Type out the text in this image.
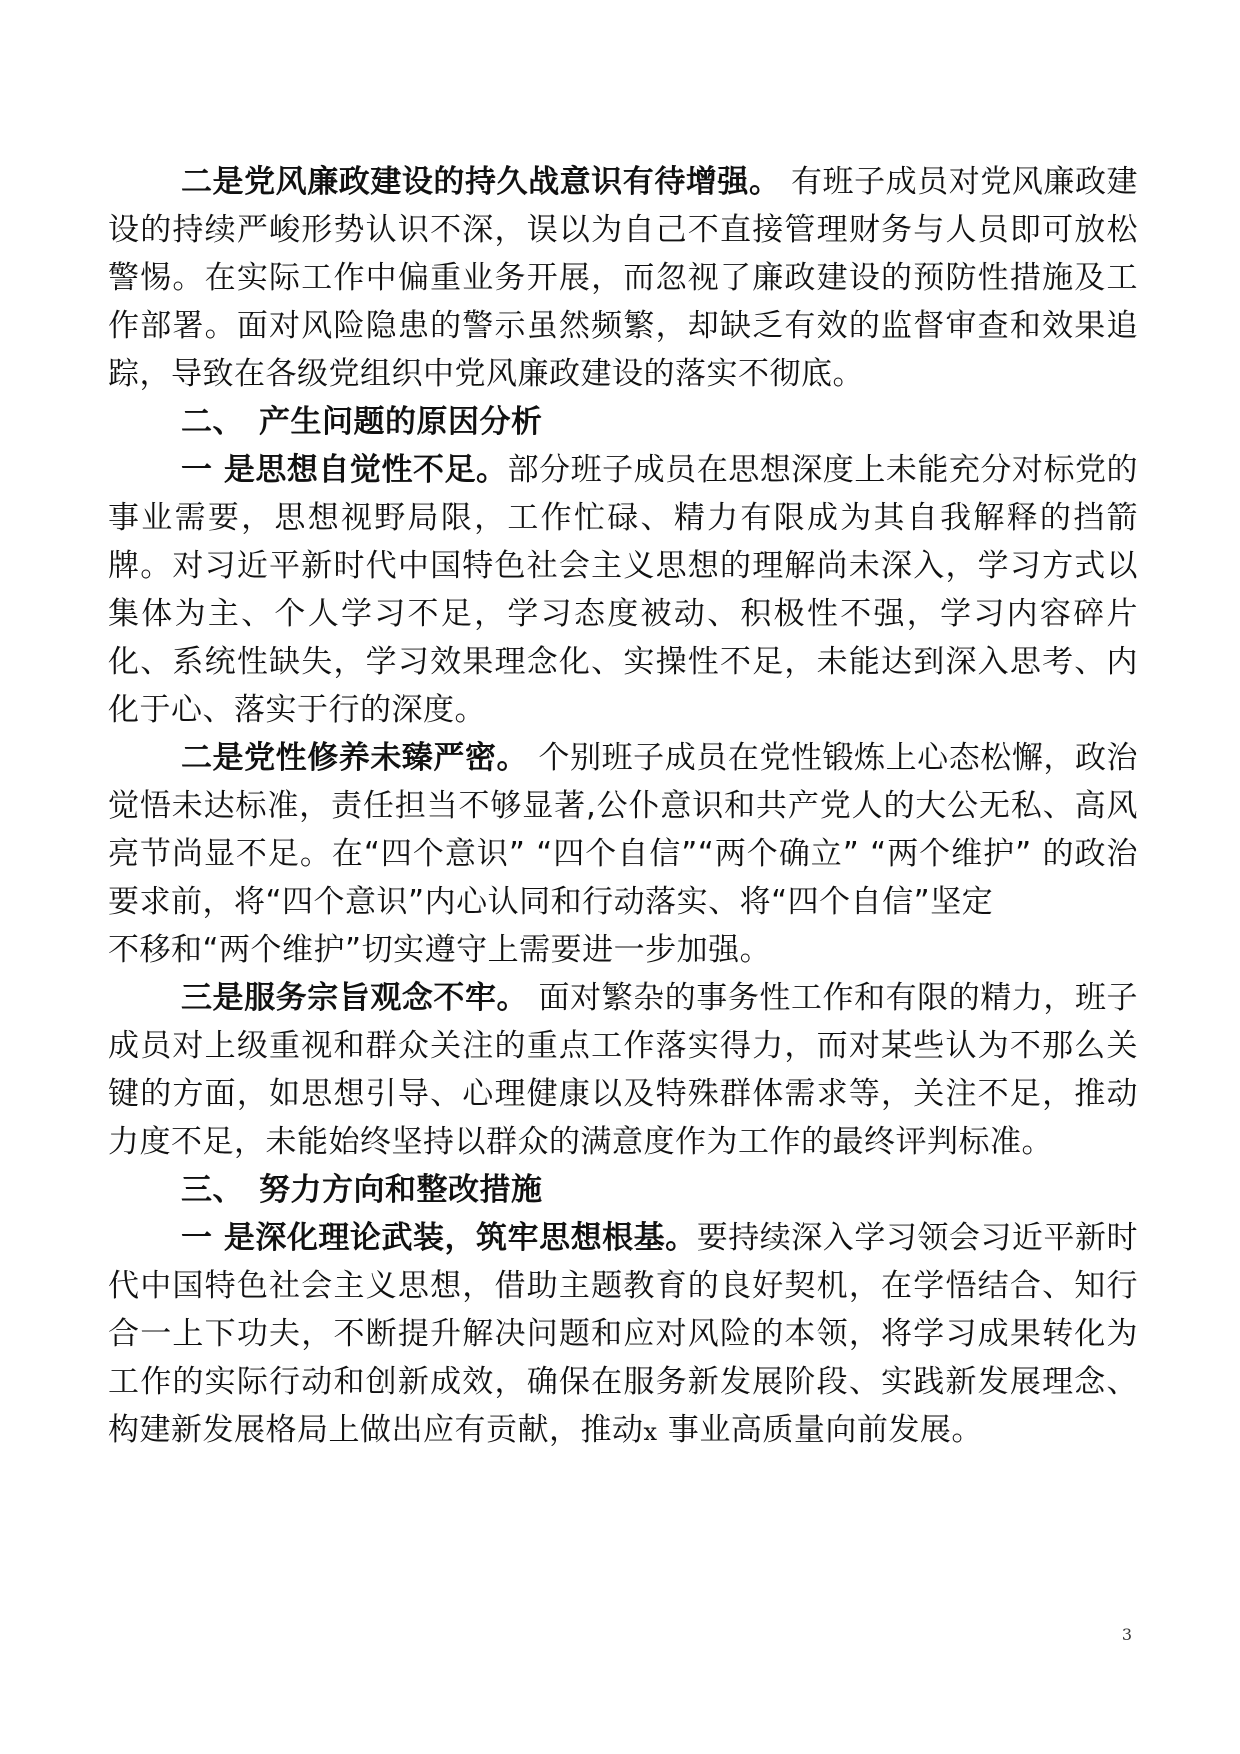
二是党风廉政建设的持久战意识有待增强。 有班子成员对党风廉政建设的持续严峻形势认识不深，误以为自己不直接管理财务与人员即可放松警惕。在实际工作中偏重业务开展，而忽视了廉政建设的预防性措施及工作部署。面对风险隐患的警示虽然频繁，却缺乏有效的监督审查和效果追踪，导致在各级党组织中党风廉政建设的落实不彻底。

二、 产生问题的原因分析

一 是思想自觉性不足。部分班子成员在思想深度上未能充分对标党的事业需要，思想视野局限，工作忙碌、精力有限成为其自我解释的挡箭牌。对习近平新时代中国特色社会主义思想的理解尚未深入，学习方式以集体为主、个人学习不足，学习态度被动、积极性不强，学习内容碎片化、系统性缺失，学习效果理念化、实操性不足，未能达到深入思考、内化于心、落实于行的深度。

二是党性修养未臻严密。 个别班子成员在党性锻炼上心态松懈，政治觉悟未达标准，责任担当不够显著,公仆意识和共产党人的大公无私、高风亮节尚显不足。在“四个意识” “四个自信”“两个确立” “两个维护” 的政治要求前，将“四个意识”内心认同和行动落实、将“四个自信”坚定
不移和“两个维护”切实遵守上需要进一步加强。

三是服务宗旨观念不牢。 面对繁杂的事务性工作和有限的精力，班子成员对上级重视和群众关注的重点工作落实得力，而对某些认为不那么关键的方面，如思想引导、心理健康以及特殊群体需求等，关注不足，推动力度不足，未能始终坚持以群众的满意度作为工作的最终评判标准。

三、 努力方向和整改措施

一 是深化理论武装，筑牢思想根基。要持续深入学习领会习近平新时代中国特色社会主义思想，借助主题教育的良好契机，在学悟结合、知行合一上下功夫，不断提升解决问题和应对风险的本领，将学习成果转化为工作的实际行动和创新成效，确保在服务新发展阶段、实践新发展理念、构建新发展格局上做出应有贡献，推动x 事业高质量向前发展。

3
